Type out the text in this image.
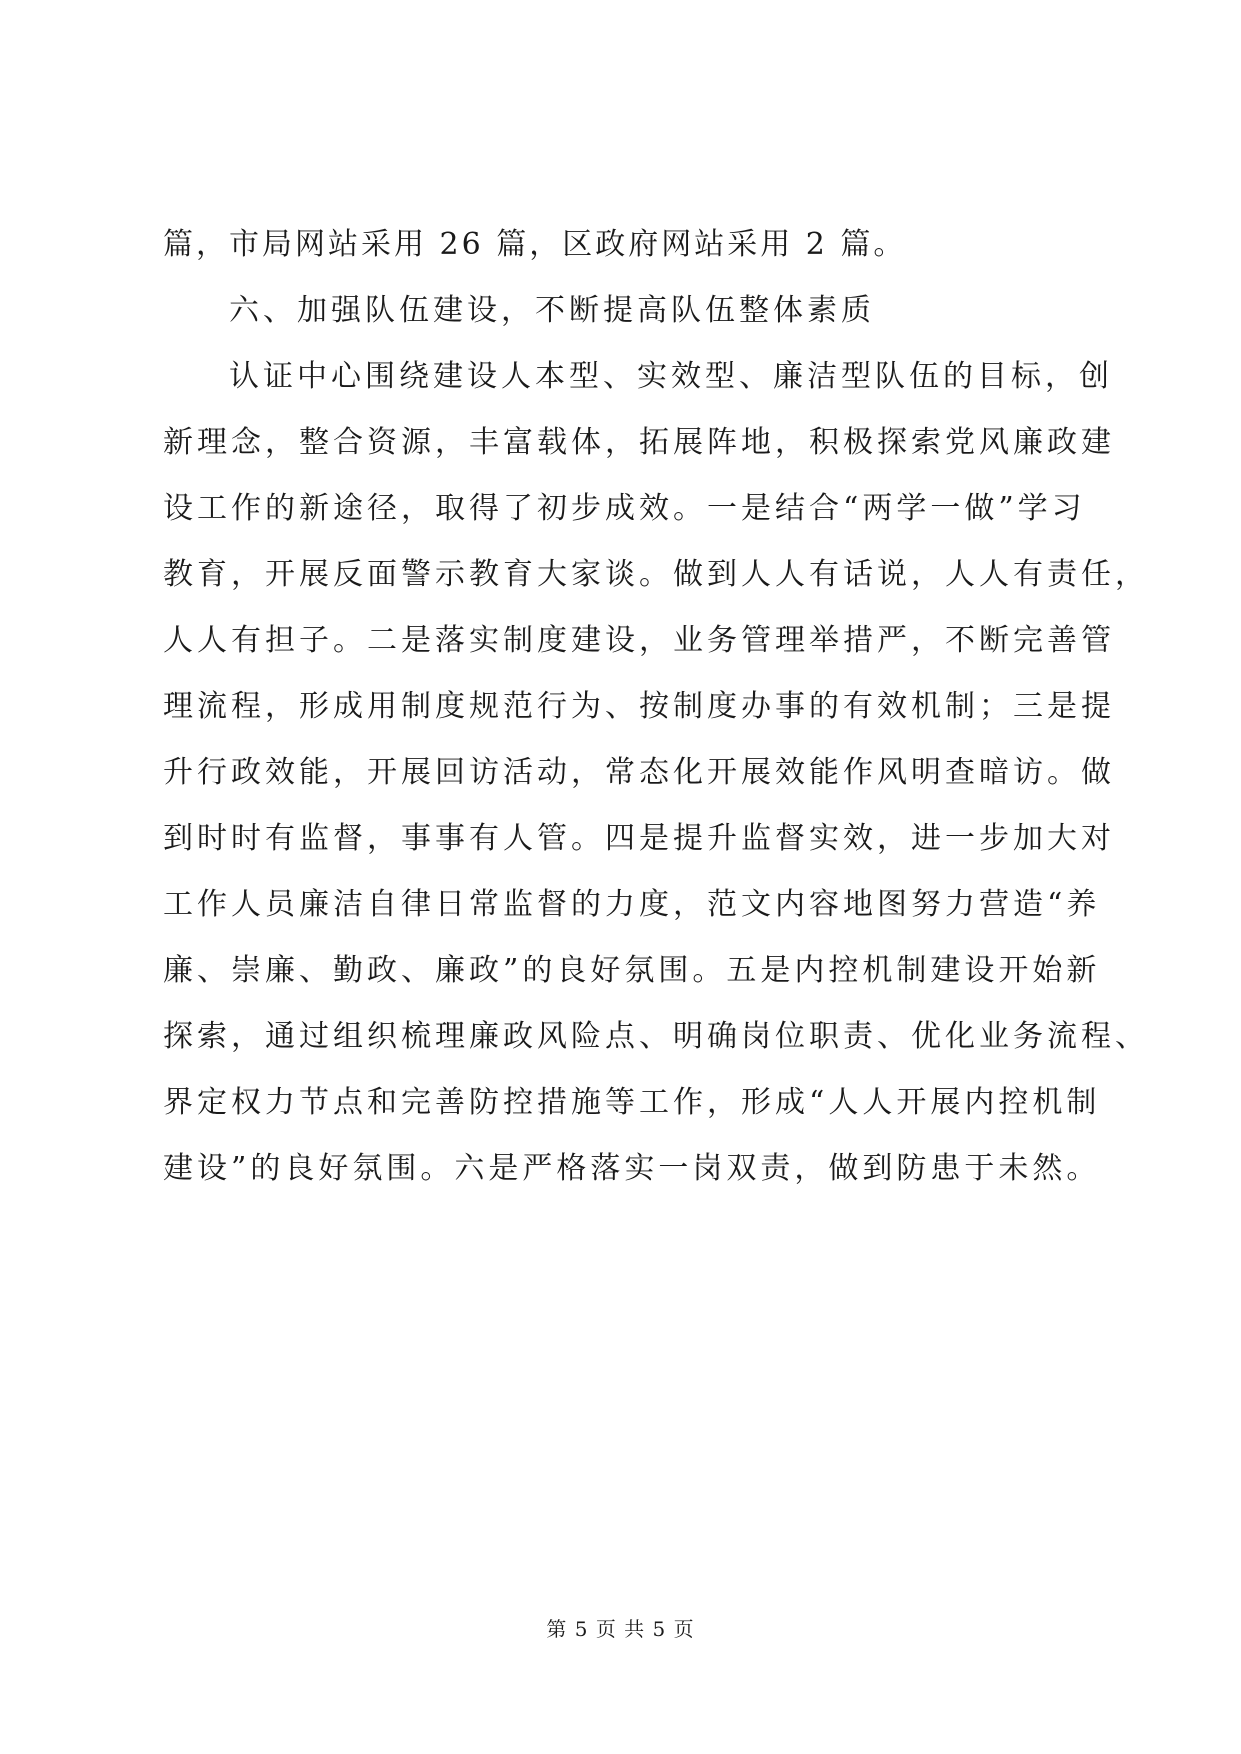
篇，市局网站采用 26 篇，区政府网站采用 2 篇。
六、加强队伍建设，不断提高队伍整体素质
认证中心围绕建设人本型、实效型、廉洁型队伍的目标，创
新理念，整合资源，丰富载体，拓展阵地，积极探索党风廉政建
设工作的新途径，取得了初步成效。一是结合“两学一做”学习
教育，开展反面警示教育大家谈。做到人人有话说，人人有责任，
人人有担子。二是落实制度建设，业务管理举措严，不断完善管
理流程，形成用制度规范行为、按制度办事的有效机制；三是提
升行政效能，开展回访活动，常态化开展效能作风明查暗访。做
到时时有监督，事事有人管。四是提升监督实效，进一步加大对
工作人员廉洁自律日常监督的力度，范文内容地图努力营造“养
廉、崇廉、勤政、廉政”的良好氛围。五是内控机制建设开始新
探索，通过组织梳理廉政风险点、明确岗位职责、优化业务流程、
界定权力节点和完善防控措施等工作，形成“人人开展内控机制
建设”的良好氛围。六是严格落实一岗双责，做到防患于未然。
第 5 页 共 5 页
